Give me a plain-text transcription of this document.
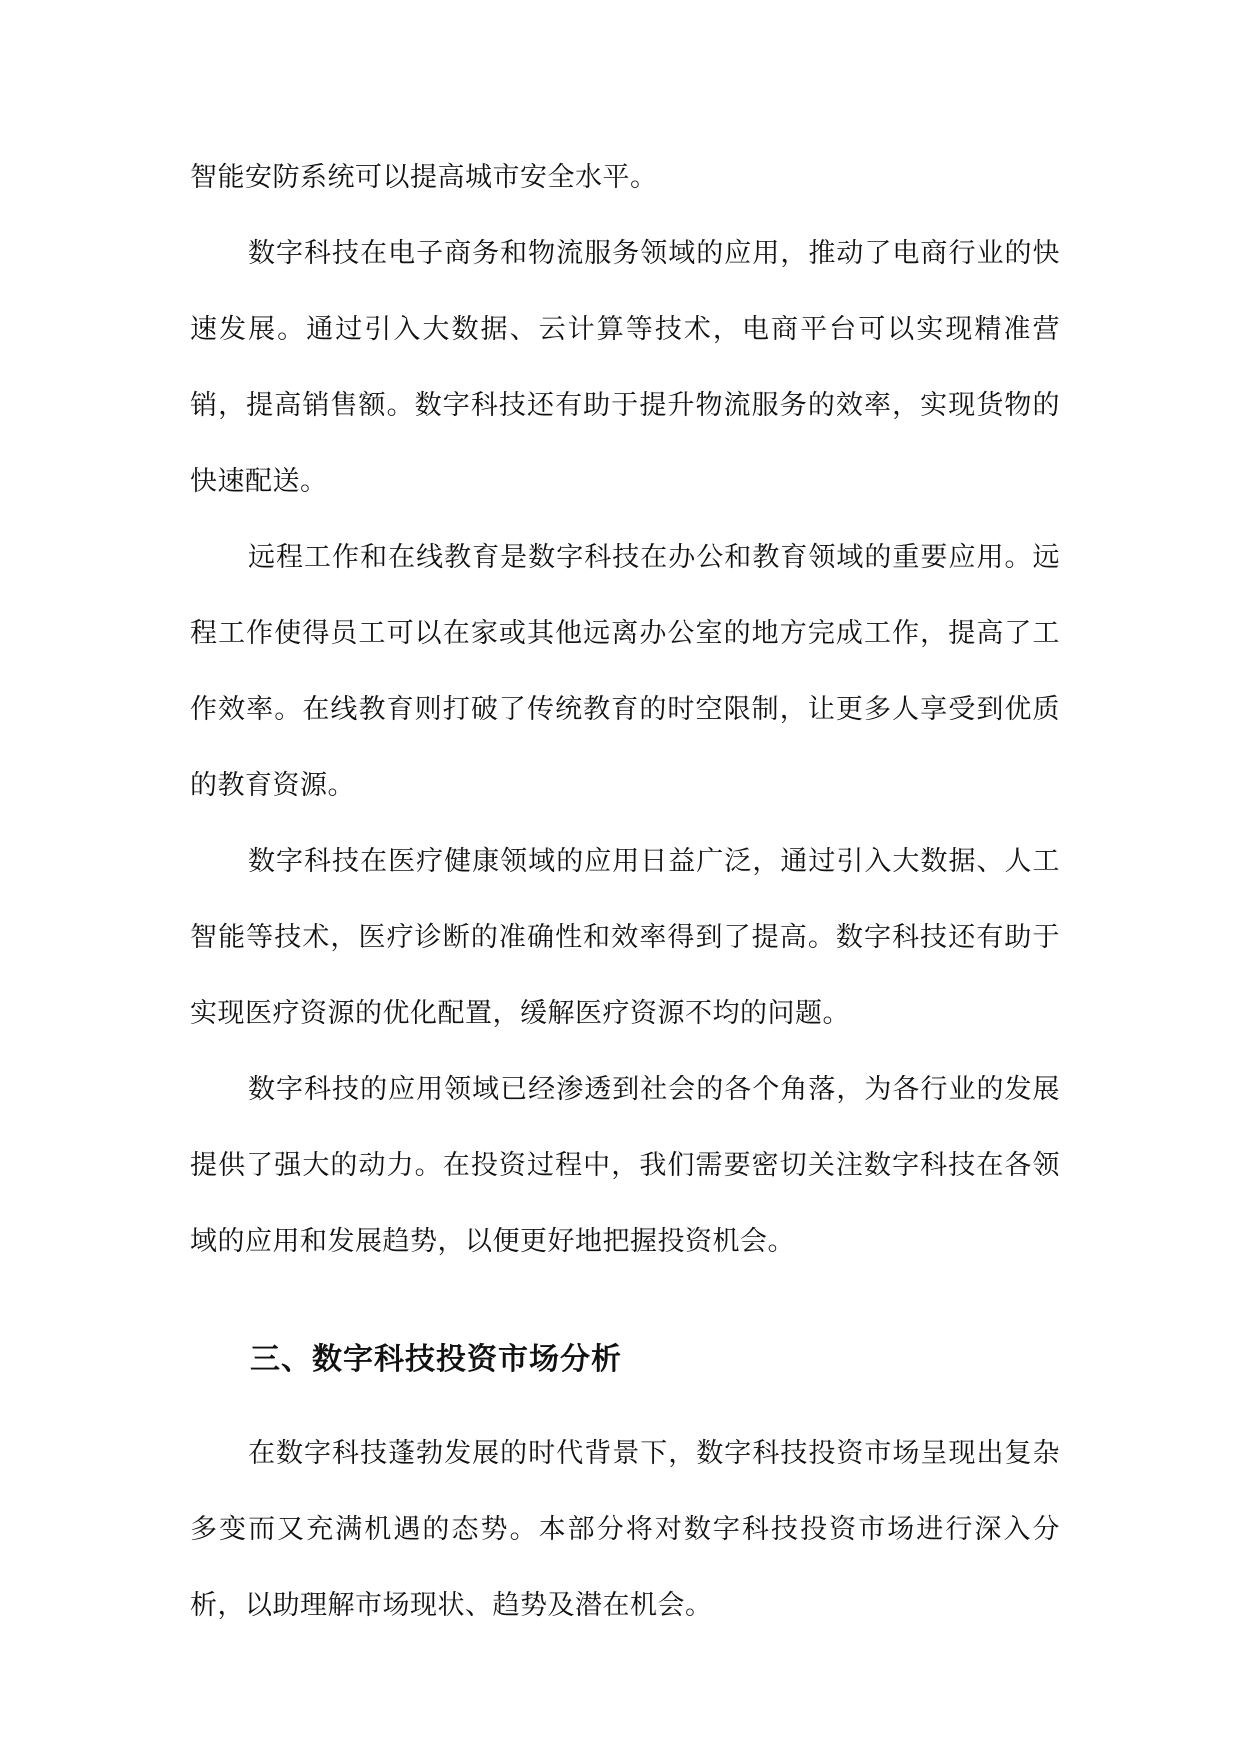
智能安防系统可以提高城市安全水平。

数字科技在电子商务和物流服务领域的应用，推动了电商行业的快速发展。通过引入大数据、云计算等技术，电商平台可以实现精准营销，提高销售额。数字科技还有助于提升物流服务的效率，实现货物的快速配送。

远程工作和在线教育是数字科技在办公和教育领域的重要应用。远程工作使得员工可以在家或其他远离办公室的地方完成工作，提高了工作效率。在线教育则打破了传统教育的时空限制，让更多人享受到优质的教育资源。

数字科技在医疗健康领域的应用日益广泛，通过引入大数据、人工智能等技术，医疗诊断的准确性和效率得到了提高。数字科技还有助于实现医疗资源的优化配置，缓解医疗资源不均的问题。

数字科技的应用领域已经渗透到社会的各个角落，为各行业的发展提供了强大的动力。在投资过程中，我们需要密切关注数字科技在各领域的应用和发展趋势，以便更好地把握投资机会。

三、数字科技投资市场分析

在数字科技蓬勃发展的时代背景下，数字科技投资市场呈现出复杂多变而又充满机遇的态势。本部分将对数字科技投资市场进行深入分析，以助理解市场现状、趋势及潜在机会。
